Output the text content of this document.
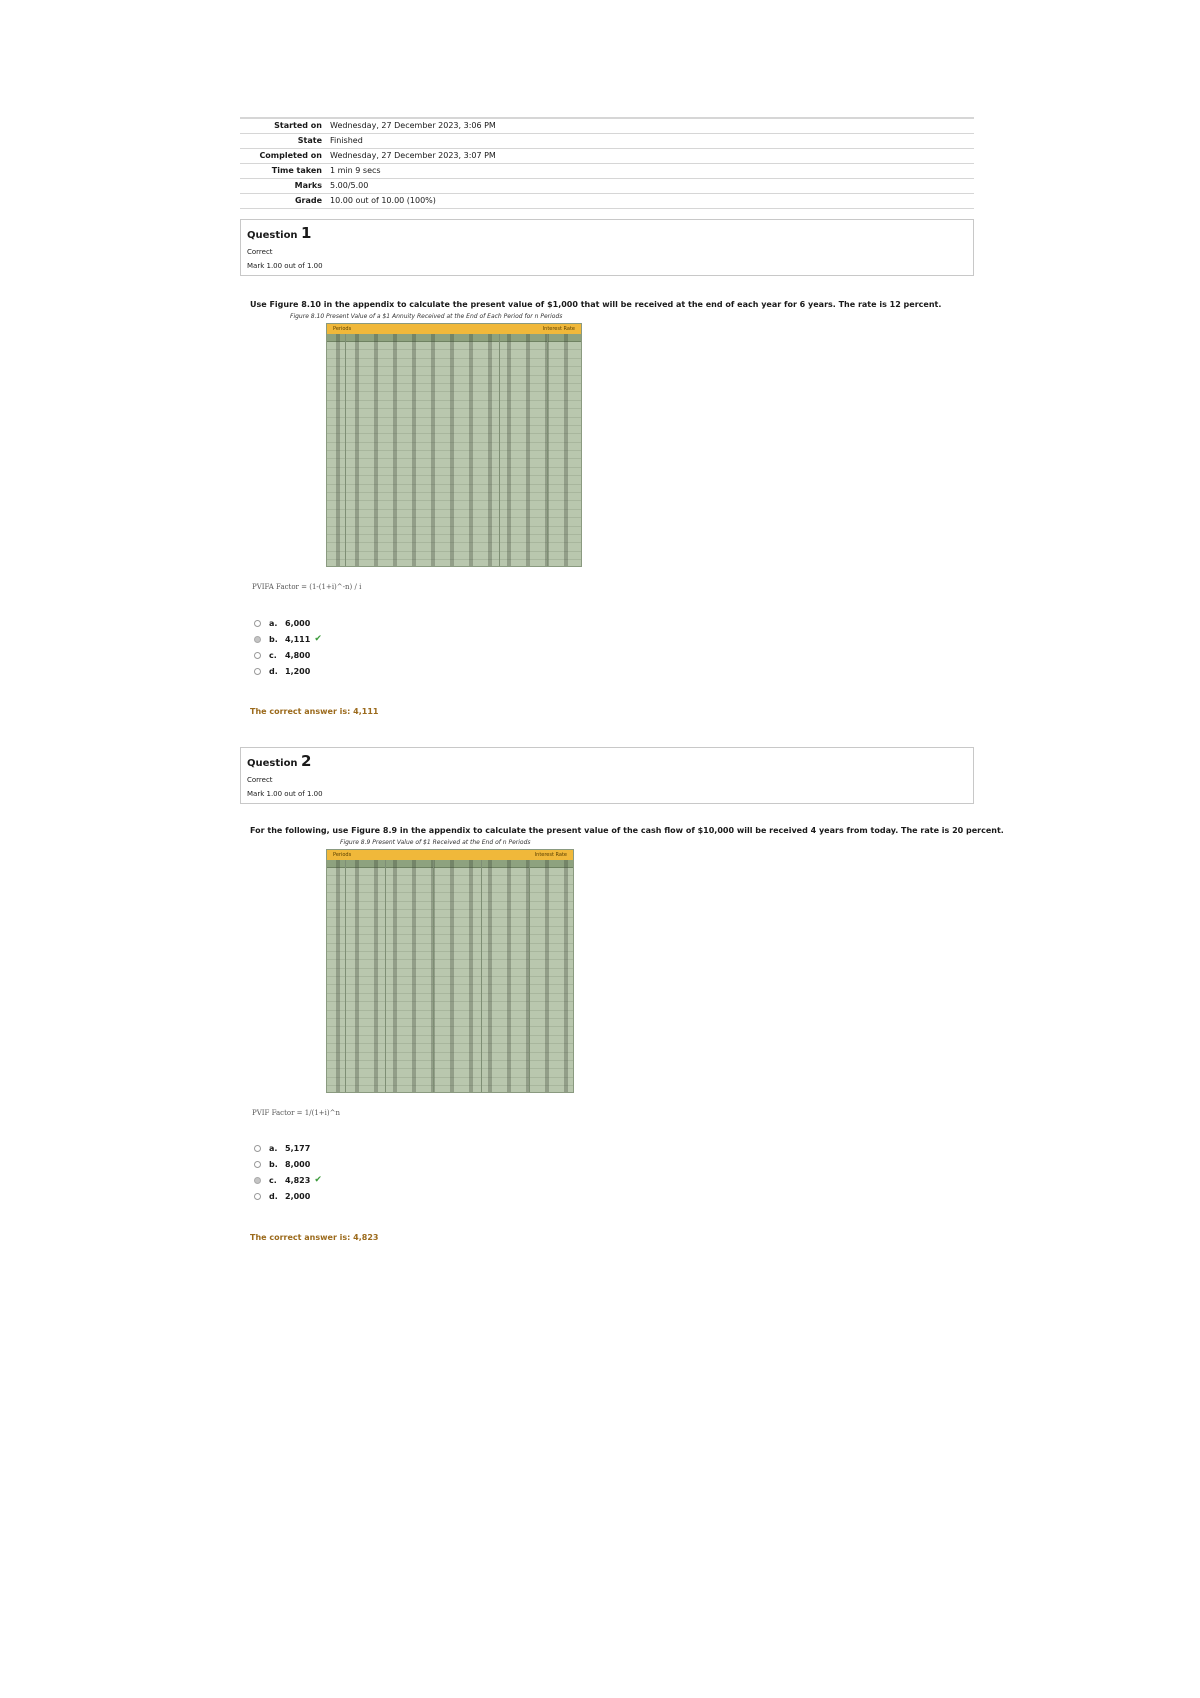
Started on	Wednesday, 27 December 2023, 3:06 PM
State	Finished
Completed on	Wednesday, 27 December 2023, 3:07 PM
Time taken	1 min 9 secs
Marks	5.00/5.00
Grade	10.00 out of 10.00 (100%)
Question 1
Correct
Mark 1.00 out of 1.00
Use Figure 8.10 in the appendix to calculate the present value of $1,000 that will be received at the end of each year for 6 years. The rate is 12 percent.
Figure 8.10 Present Value of a $1 Annuity Received at the End of Each Period for n Periods
Periods	Interest Rate
PVIFA Factor = (1-(1+i)^-n) / i
a. 6,000
b. 4,111 ✔
c.	4,800
d. 1,200
The correct answer is: 4,111
Question 2
Correct
Mark 1.00 out of 1.00
For the following, use Figure 8.9 in the appendix to calculate the present value of the cash flow of $10,000 will be received 4 years from today. The rate is 20 percent.
Figure 8.9 Present Value of $1 Received at the End of n Periods
Periods	Interest Rate
PVIF Factor = 1/(1+i)^n
a. 5,177
b. 8,000
c.	4,823 ✔
d. 2,000
The correct answer is: 4,823
